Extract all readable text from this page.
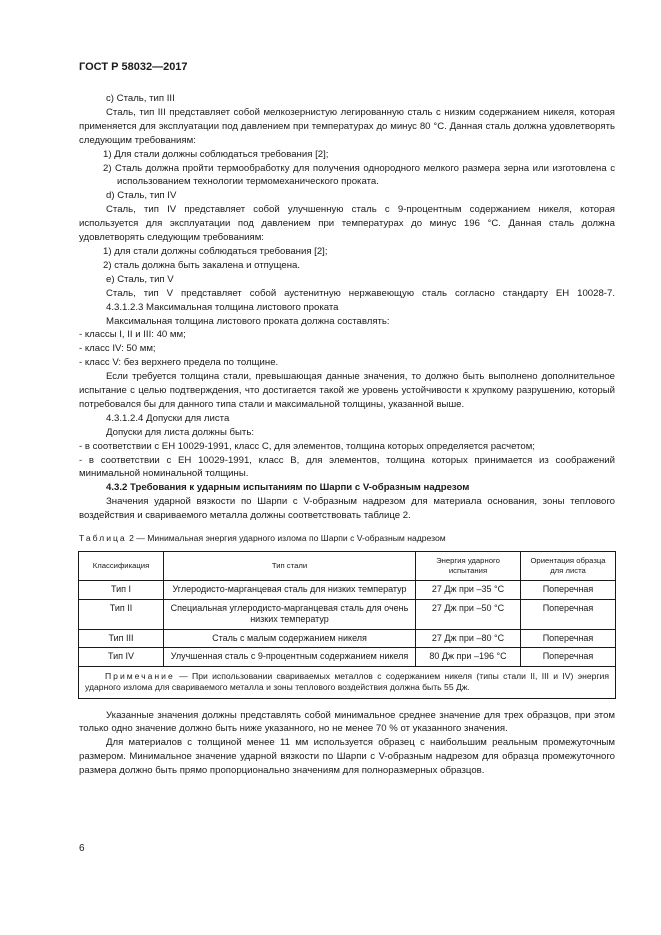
ГОСТ Р 58032—2017

с) Сталь, тип III

Сталь, тип III представляет собой мелкозернистую легированную сталь с низким содержанием никеля, которая применяется для эксплуатации под давлением при температурах до минус 80 °С. Данная сталь должна удовлетворять следующим требованиям:

1) Для стали должны соблюдаться требования [2];

2) Сталь должна пройти термообработку для получения однородного мелкого размера зерна или изготовлена с использованием технологии термомеханического проката.

d) Сталь, тип IV

Сталь, тип IV представляет собой улучшенную сталь с 9-процентным содержанием никеля, которая используется для эксплуатации под давлением при температурах до минус 196 °С. Данная сталь должна удовлетворять следующим требованиям:

1) для стали должны соблюдаться требования [2];

2) сталь должна быть закалена и отпущена.

е) Сталь, тип V

Сталь, тип V представляет собой аустенитную нержавеющую сталь согласно стандарту ЕН 10028-7.

4.3.1.2.3 Максимальная толщина листового проката

Максимальная толщина листового проката должна составлять:

- классы I, II и III: 40 мм;

- класс IV: 50 мм;

- класс V: без верхнего предела по толщине.

Если требуется толщина стали, превышающая данные значения, то должно быть выполнено дополнительное испытание с целью подтверждения, что достигается такой же уровень устойчивости к хрупкому разрушению, который потребовался бы для данного типа стали и максимальной толщины, указанной выше.

4.3.1.2.4 Допуски для листа

Допуски для листа должны быть:

- в соответствии с ЕН 10029-1991, класс С, для элементов, толщина которых определяется расчетом;

- в соответствии с ЕН 10029-1991, класс В, для элементов, толщина которых принимается из соображений минимальной номинальной толщины.

4.3.2 Требования к ударным испытаниям по Шарпи с V-образным надрезом

Значения ударной вязкости по Шарпи с V-образным надрезом для материала основания, зоны теплового воздействия и свариваемого металла должны соответствовать таблице 2.

Таблица 2 — Минимальная энергия ударного излома по Шарпи с V-образным надрезом

Классификация	Тип стали	Энергия ударного испытания	Ориентация образца для листа
Тип I	Углеродисто-марганцевая сталь для низких температур	27 Дж при –35 °С	Поперечная
Тип II	Специальная углеродисто-марганцевая сталь для очень низких температур	27 Дж при –50 °С	Поперечная
Тип III	Сталь с малым содержанием никеля	27 Дж при –80 °С	Поперечная
Тип IV	Улучшенная сталь с 9-процентным содержанием никеля	80 Дж при –196 °С	Поперечная
Примечание — При использовании свариваемых металлов с содержанием никеля (типы стали II, III и IV) энергия ударного излома для свариваемого металла и зоны теплового воздействия должна быть 55 Дж.			

Указанные значения должны представлять собой минимальное среднее значение для трех образцов, при этом только одно значение должно быть ниже указанного, но не менее 70 % от указанного значения.

Для материалов с толщиной менее 11 мм используется образец с наибольшим реальным промежуточным размером. Минимальное значение ударной вязкости по Шарпи с V-образным надрезом для образца промежуточного размера должно быть прямо пропорционально значениям для полноразмерных образцов.

6
